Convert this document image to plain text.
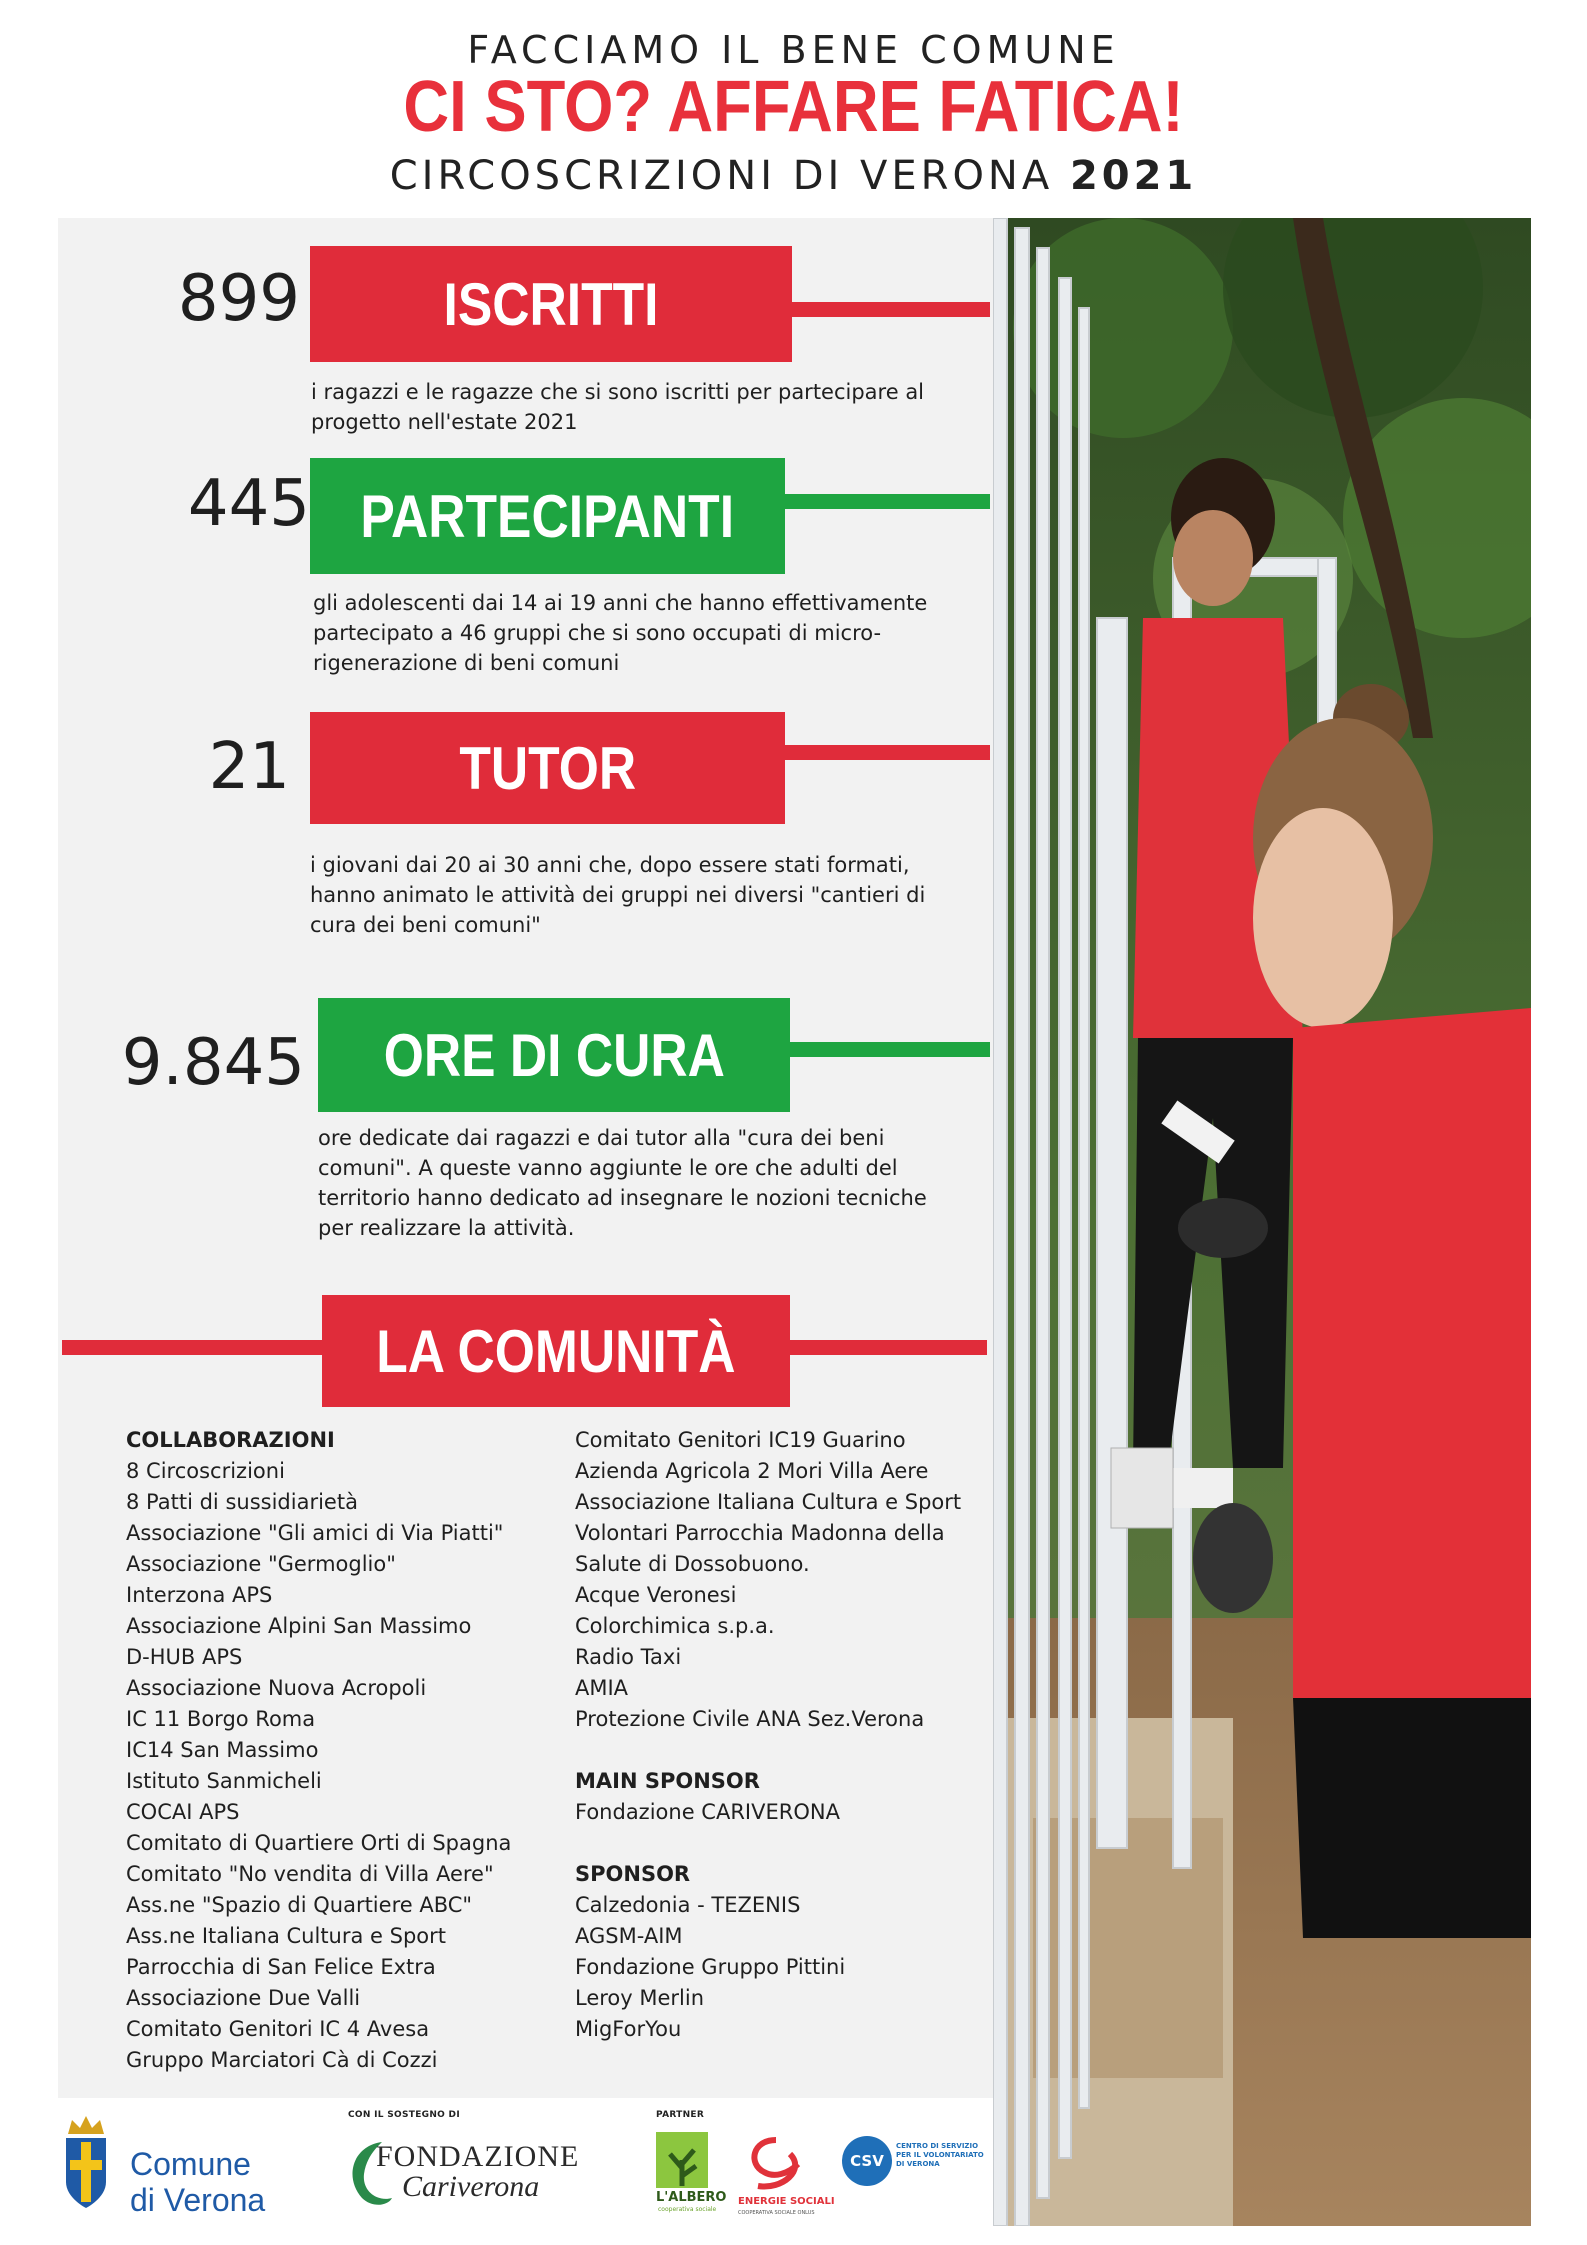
FACCIAMO IL BENE COMUNE
CI STO? AFFARE FATICA!
CIRCOSCRIZIONI DI VERONA 2021
899 ISCRITTI
i ragazzi e le ragazze che si sono iscritti per partecipare al
progetto nell'estate 2021
445 PARTECIPANTI
gli adolescenti dai 14 ai 19 anni che hanno effettivamente
partecipato a 46 gruppi che si sono occupati di micro-
rigenerazione di beni comuni
21	TUTOR
i giovani dai 20 ai 30 anni che, dopo essere stati formati,
hanno animato le attività dei gruppi nei diversi "cantieri di
cura dei beni comuni"
9.845 ORE DI CURA
ore dedicate dai ragazzi e dai tutor alla "cura dei beni
comuni". A queste vanno aggiunte le ore che adulti del
territorio hanno dedicato ad insegnare le nozioni tecniche
per realizzare la attività.
LA COMUNITÀ
COLLABORAZIONI
8 Circoscrizioni
8 Patti di sussidiarietà
Associazione "Gli amici di Via Piatti"
Associazione "Germoglio"
Interzona APS
Associazione Alpini San Massimo
D-HUB APS
Associazione Nuova Acropoli
IC 11 Borgo Roma
IC14 San Massimo
Istituto Sanmicheli
COCAI APS
Comitato di Quartiere Orti di Spagna
Comitato "No vendita di Villa Aere"
Ass.ne "Spazio di Quartiere ABC"
Ass.ne Italiana Cultura e Sport
Parrocchia di San Felice Extra
Associazione Due Valli
Comitato Genitori IC 4 Avesa
Gruppo Marciatori Cà di Cozzi
Comitato Genitori IC19 Guarino
Azienda Agricola 2 Mori Villa Aere
Associazione Italiana Cultura e Sport
Volontari Parrocchia Madonna della
Salute di Dossobuono.
Acque Veronesi
Colorchimica s.p.a.
Radio Taxi
AMIA
Protezione Civile ANA Sez.Verona
MAIN SPONSOR
Fondazione CARIVERONA
SPONSOR
Calzedonia - TEZENIS
AGSM-AIM
Fondazione Gruppo Pittini
Leroy Merlin
MigForYou
Comune
di Verona
CON IL SOSTEGNO DI
FONDAZIONE
Cariverona
PARTNER
L'ALBERO
cooperativa sociale
ENERGIE SOCIALI
COOPERATIVA SOCIALE ONLUS
CSV
CENTRO DI SERVIZIO
PER IL VOLONTARIATO
DI VERONA
